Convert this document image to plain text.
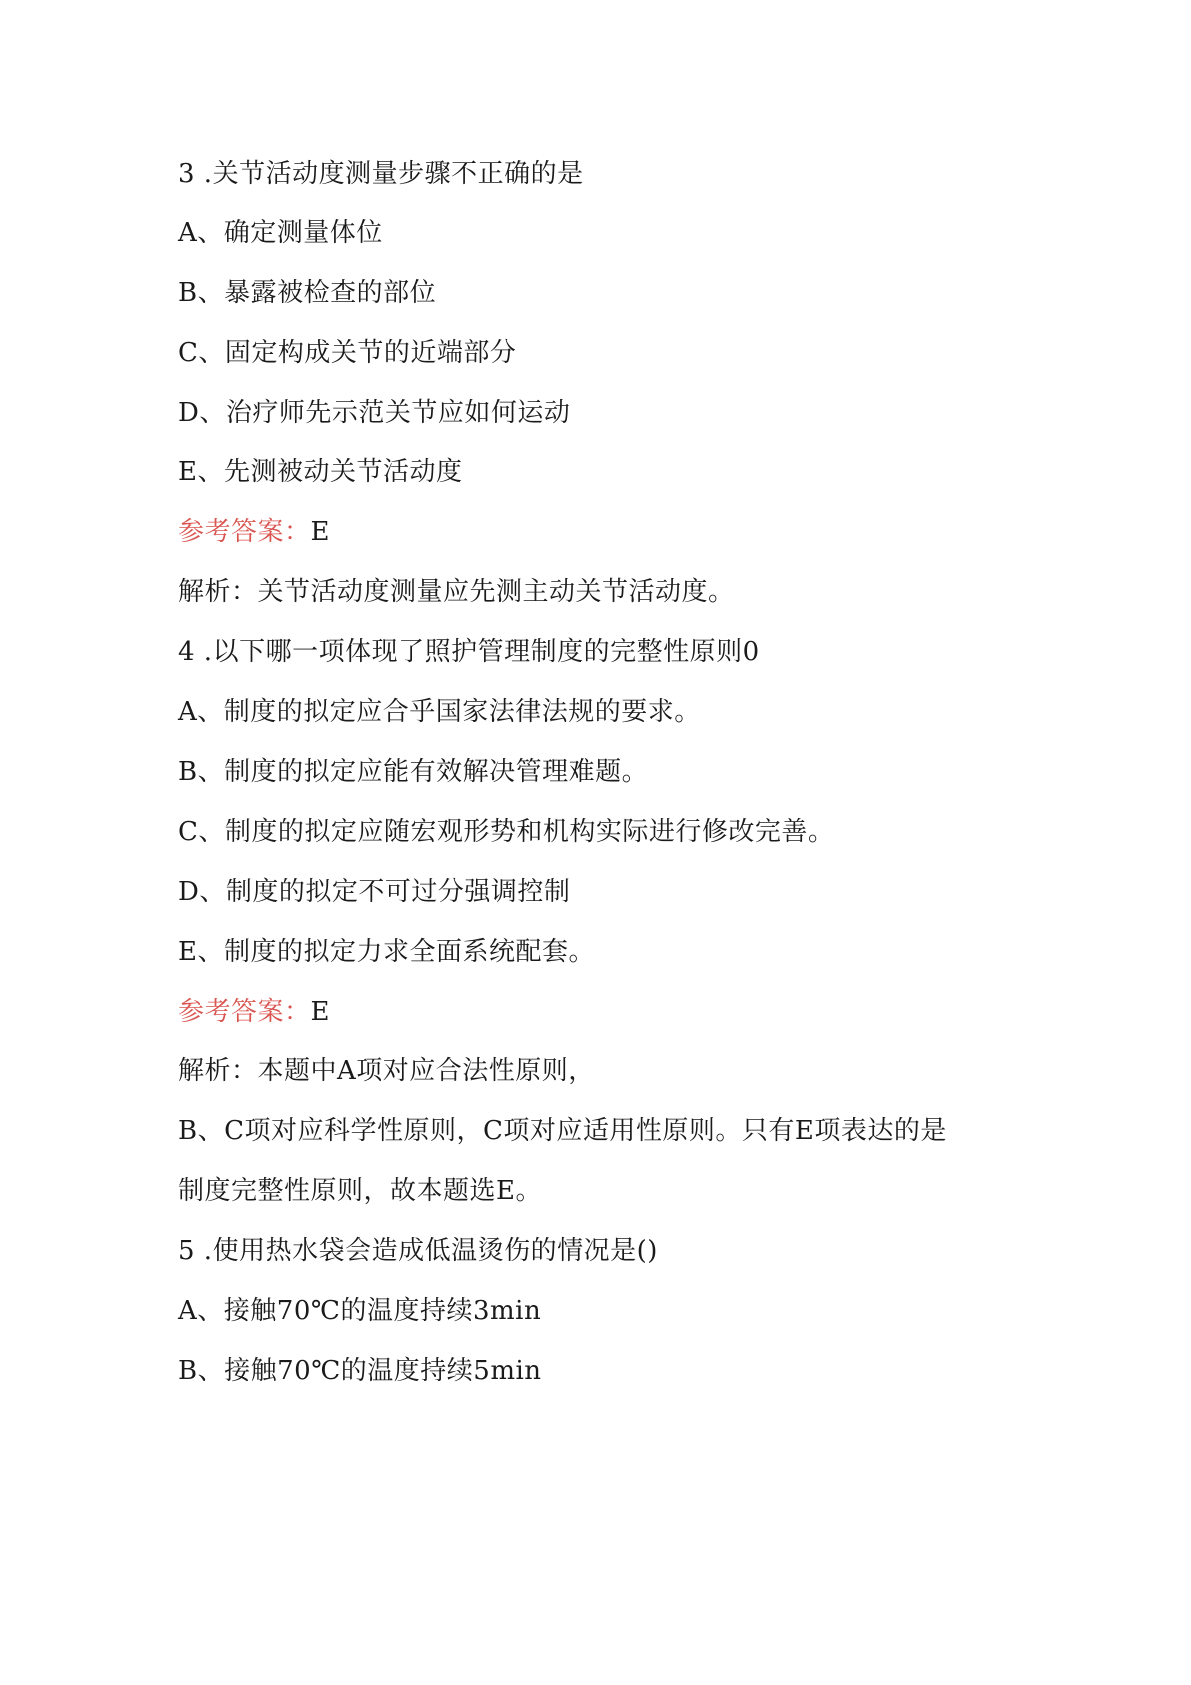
3 .关节活动度测量步骤不正确的是
A、确定测量体位
B、暴露被检查的部位
C、固定构成关节的近端部分
D、治疗师先示范关节应如何运动
E、先测被动关节活动度
参考答案：E
解析：关节活动度测量应先测主动关节活动度。
4 .以下哪一项体现了照护管理制度的完整性原则0
A、制度的拟定应合乎国家法律法规的要求。
B、制度的拟定应能有效解决管理难题。
C、制度的拟定应随宏观形势和机构实际进行修改完善。
D、制度的拟定不可过分强调控制
E、制度的拟定力求全面系统配套。
参考答案：E
解析：本题中A项对应合法性原则，
B、C项对应科学性原则，C项对应适用性原则。只有E项表达的是
制度完整性原则，故本题选E。
5 .使用热水袋会造成低温烫伤的情况是()
A、接触70℃的温度持续3min
B、接触70℃的温度持续5min
